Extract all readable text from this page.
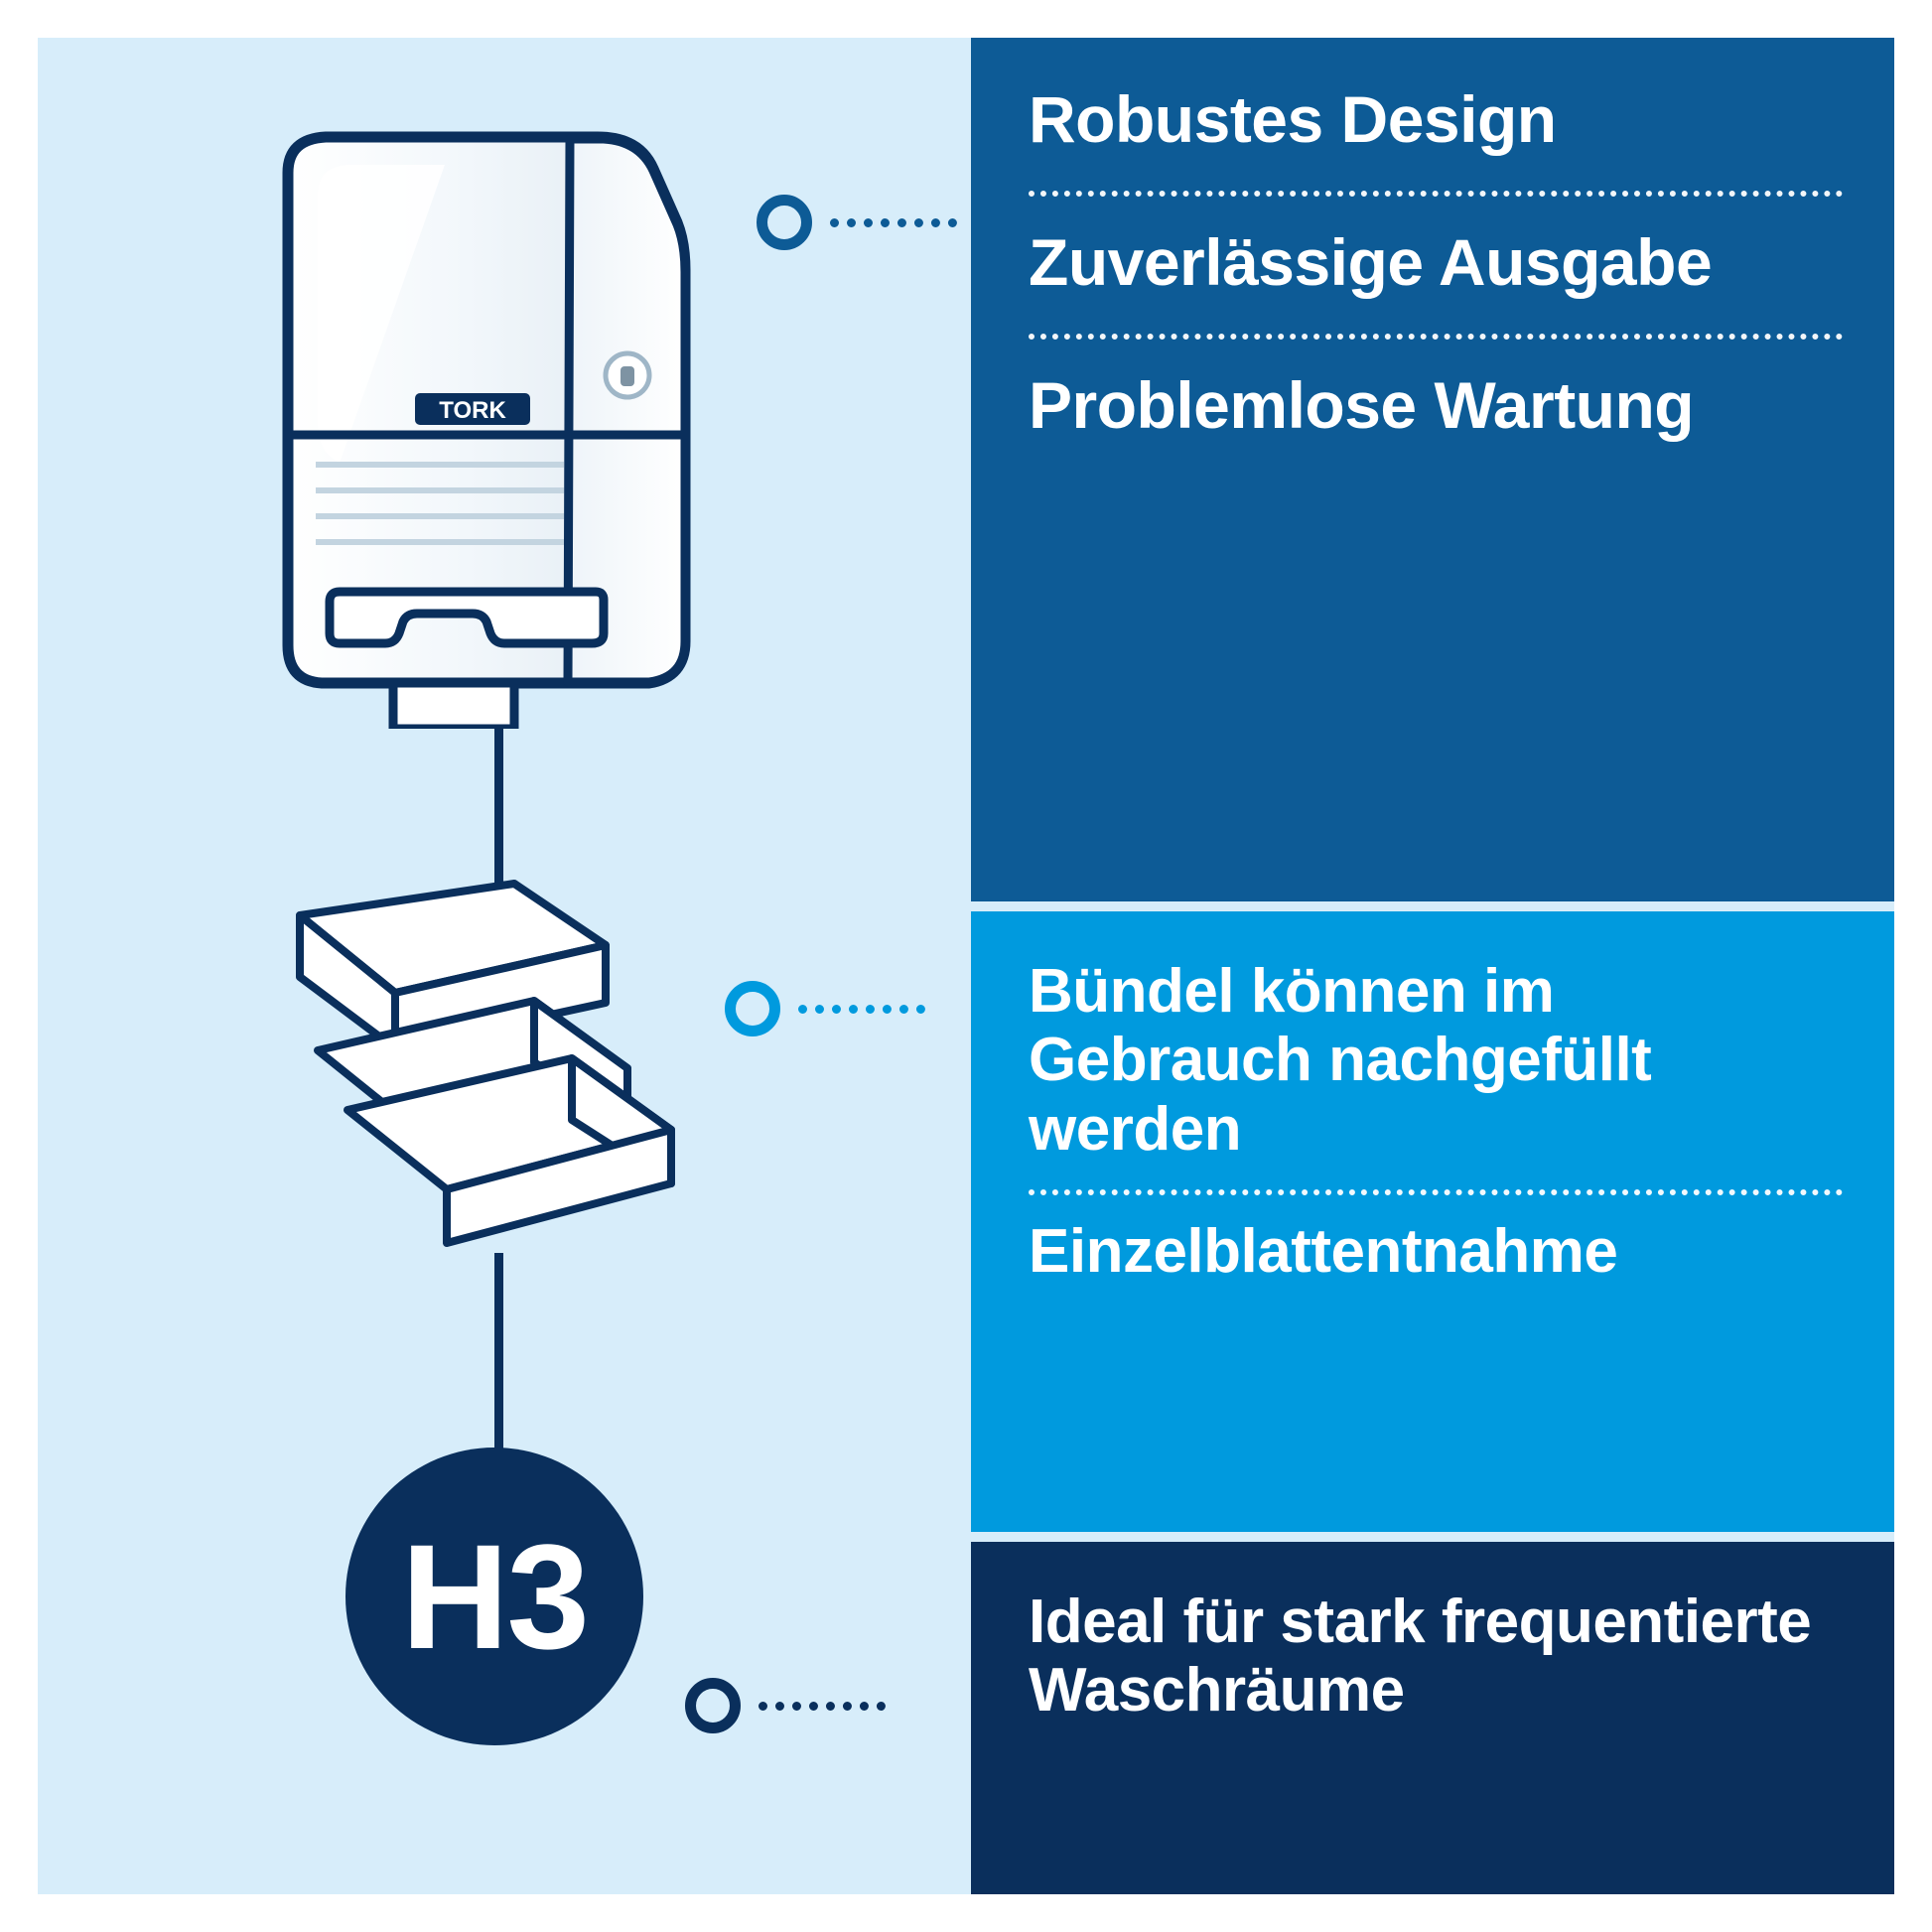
TORK
H3

Robustes Design

Zuverlässige Ausgabe

Problemlose Wartung

Bündel können im Gebrauch nachgefüllt werden

Einzelblattentnahme

Ideal für stark frequentierte Waschräume
